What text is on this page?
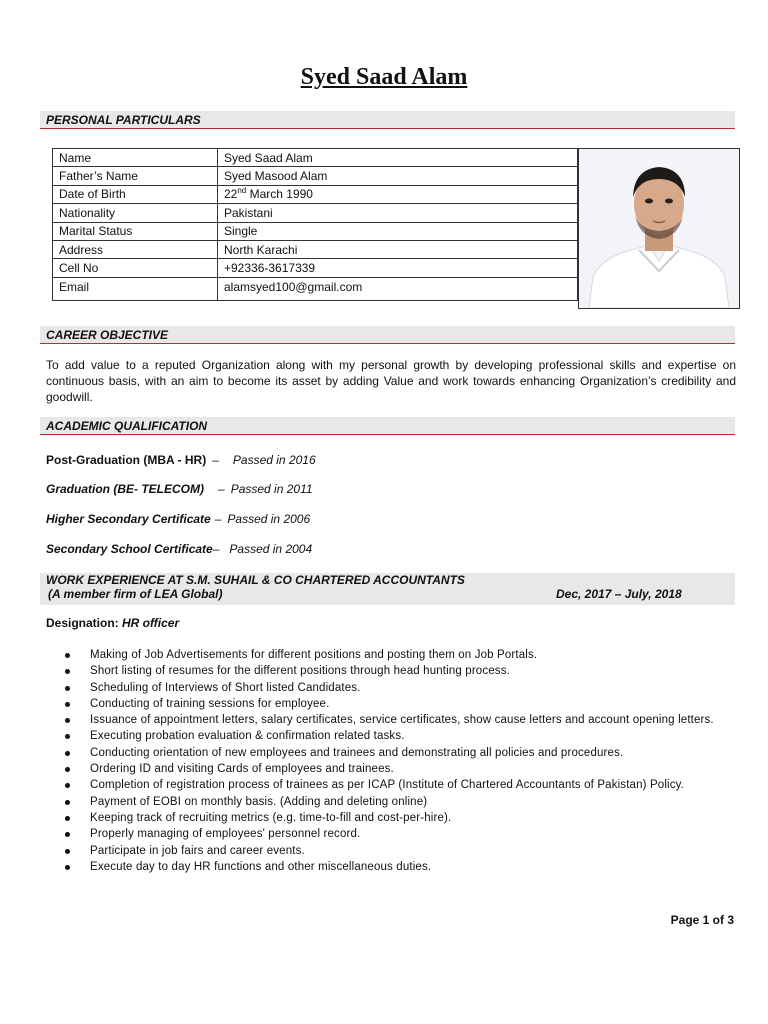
Syed Saad Alam
PERSONAL PARTICULARS
Name	Syed Saad Alam
Father’s Name	Syed Masood Alam
Date of Birth	22nd March 1990
Nationality	Pakistani
Marital Status	Single
Address	North Karachi
Cell No	+92336-3617339
Email	alamsyed100@gmail.com
CAREER OBJECTIVE
To add value to a reputed Organization along with my personal growth by developing professional skills and expertise on continuous basis, with an aim to become its asset by adding Value and work towards enhancing Organization’s credibility and goodwill.
ACADEMIC QUALIFICATION
Post-Graduation (MBA - HR) – Passed in 2016
Graduation (BE- TELECOM) – Passed in 2011
Higher Secondary Certificate – Passed in 2006
Secondary School Certificate– Passed in 2004
WORK EXPERIENCE AT S.M. SUHAIL & CO CHARTERED ACCOUNTANTS
(A member firm of LEA Global)	Dec, 2017 – July, 2018
Designation: HR officer
Making of Job Advertisements for different positions and posting them on Job Portals.
Short listing of resumes for the different positions through head hunting process.
Scheduling of Interviews of Short listed Candidates.
Conducting of training sessions for employee.
Issuance of appointment letters, salary certificates, service certificates, show cause letters and account opening letters.
Executing probation evaluation & confirmation related tasks.
Conducting orientation of new employees and trainees and demonstrating all policies and procedures.
Ordering ID and visiting Cards of employees and trainees.
Completion of registration process of trainees as per ICAP (Institute of Chartered Accountants of Pakistan) Policy.
Payment of EOBI on monthly basis. (Adding and deleting online)
Keeping track of recruiting metrics (e.g. time-to-fill and cost-per-hire).
Properly managing of employees' personnel record.
Participate in job fairs and career events.
Execute day to day HR functions and other miscellaneous duties.
Page 1 of 3
